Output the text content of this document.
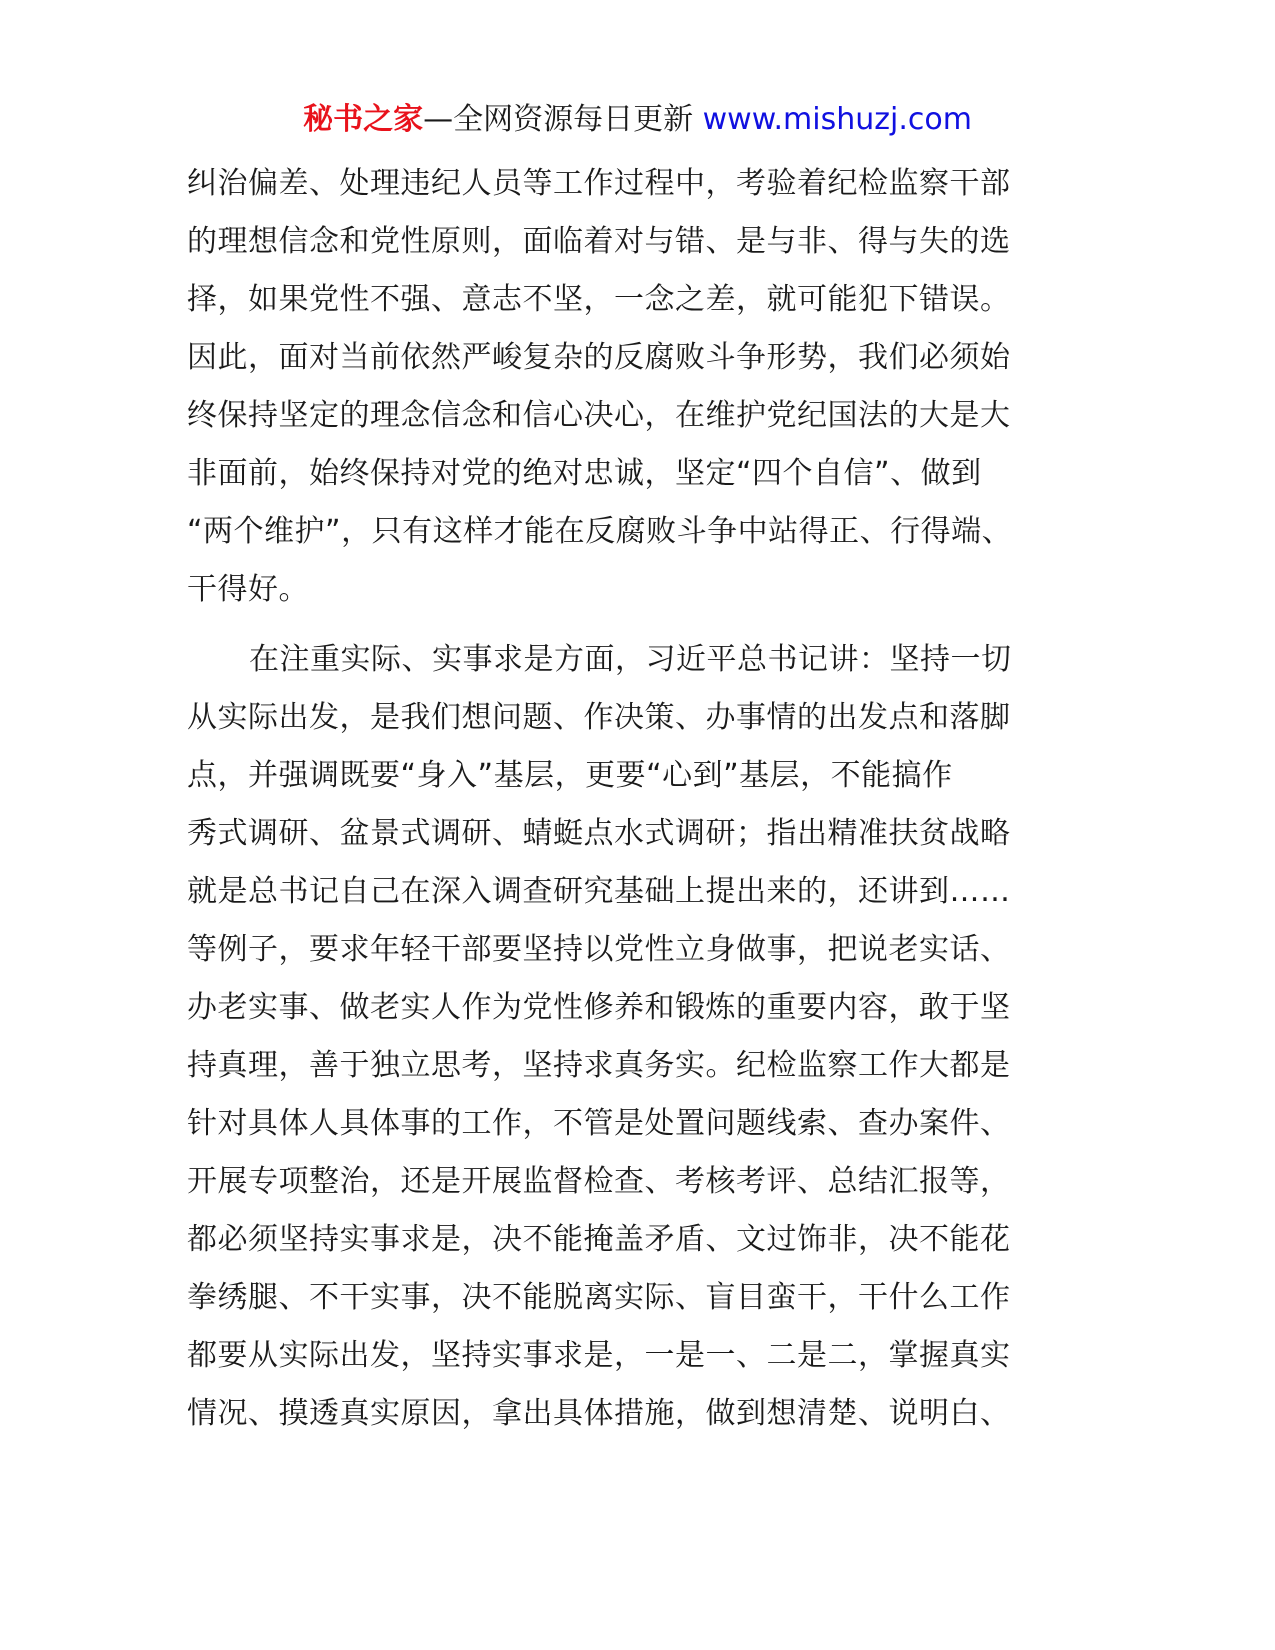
秘书之家—全网资源每日更新 www.mishuzj.com
纠治偏差、处理违纪人员等工作过程中，考验着纪检监察干部
的理想信念和党性原则，面临着对与错、是与非、得与失的选
择，如果党性不强、意志不坚，一念之差，就可能犯下错误。
因此，面对当前依然严峻复杂的反腐败斗争形势，我们必须始
终保持坚定的理念信念和信心决心，在维护党纪国法的大是大
非面前，始终保持对党的绝对忠诚，坚定“四个自信”、做到
“两个维护”，只有这样才能在反腐败斗争中站得正、行得端、
干得好。
在注重实际、实事求是方面，习近平总书记讲：坚持一切
从实际出发，是我们想问题、作决策、办事情的出发点和落脚
点，并强调既要“身入”基层，更要“心到”基层，不能搞作
秀式调研、盆景式调研、蜻蜓点水式调研；指出精准扶贫战略
就是总书记自己在深入调查研究基础上提出来的，还讲到……
等例子，要求年轻干部要坚持以党性立身做事，把说老实话、
办老实事、做老实人作为党性修养和锻炼的重要内容，敢于坚
持真理，善于独立思考，坚持求真务实。纪检监察工作大都是
针对具体人具体事的工作，不管是处置问题线索、查办案件、
开展专项整治，还是开展监督检查、考核考评、总结汇报等，
都必须坚持实事求是，决不能掩盖矛盾、文过饰非，决不能花
拳绣腿、不干实事，决不能脱离实际、盲目蛮干，干什么工作
都要从实际出发，坚持实事求是，一是一、二是二，掌握真实
情况、摸透真实原因，拿出具体措施，做到想清楚、说明白、
